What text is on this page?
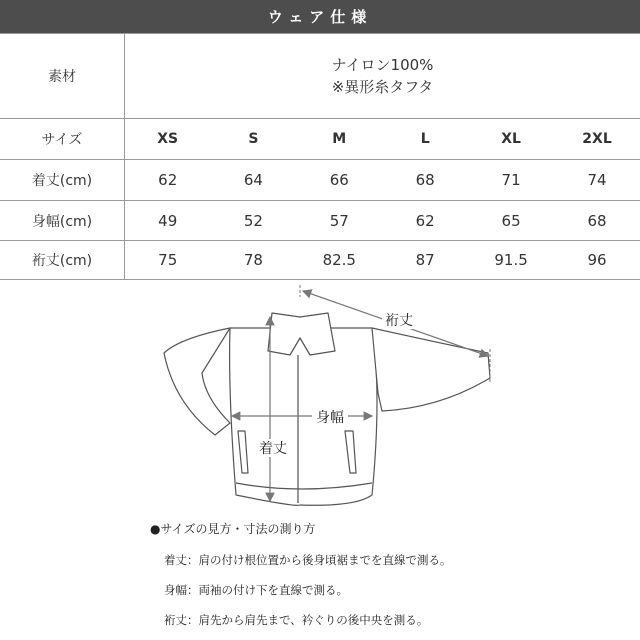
ウェア仕様
素材	ナイロン100%
※異形糸タフタ					

サイズ	XS	S	M	L	XL	2XL
着丈(cm)	62	64	66	68	71	74
身幅(cm)	49	52	57	62	65	68
裄丈(cm)	75	78	82.5	87	91.5	96
裄丈
身幅
着丈
●サイズの見方・寸法の測り方
着丈：肩の付け根位置から後身頃裾までを直線で測る。
身幅：両袖の付け下を直線で測る。
裄丈：肩先から肩先まで、衿ぐりの後中央を測る。
